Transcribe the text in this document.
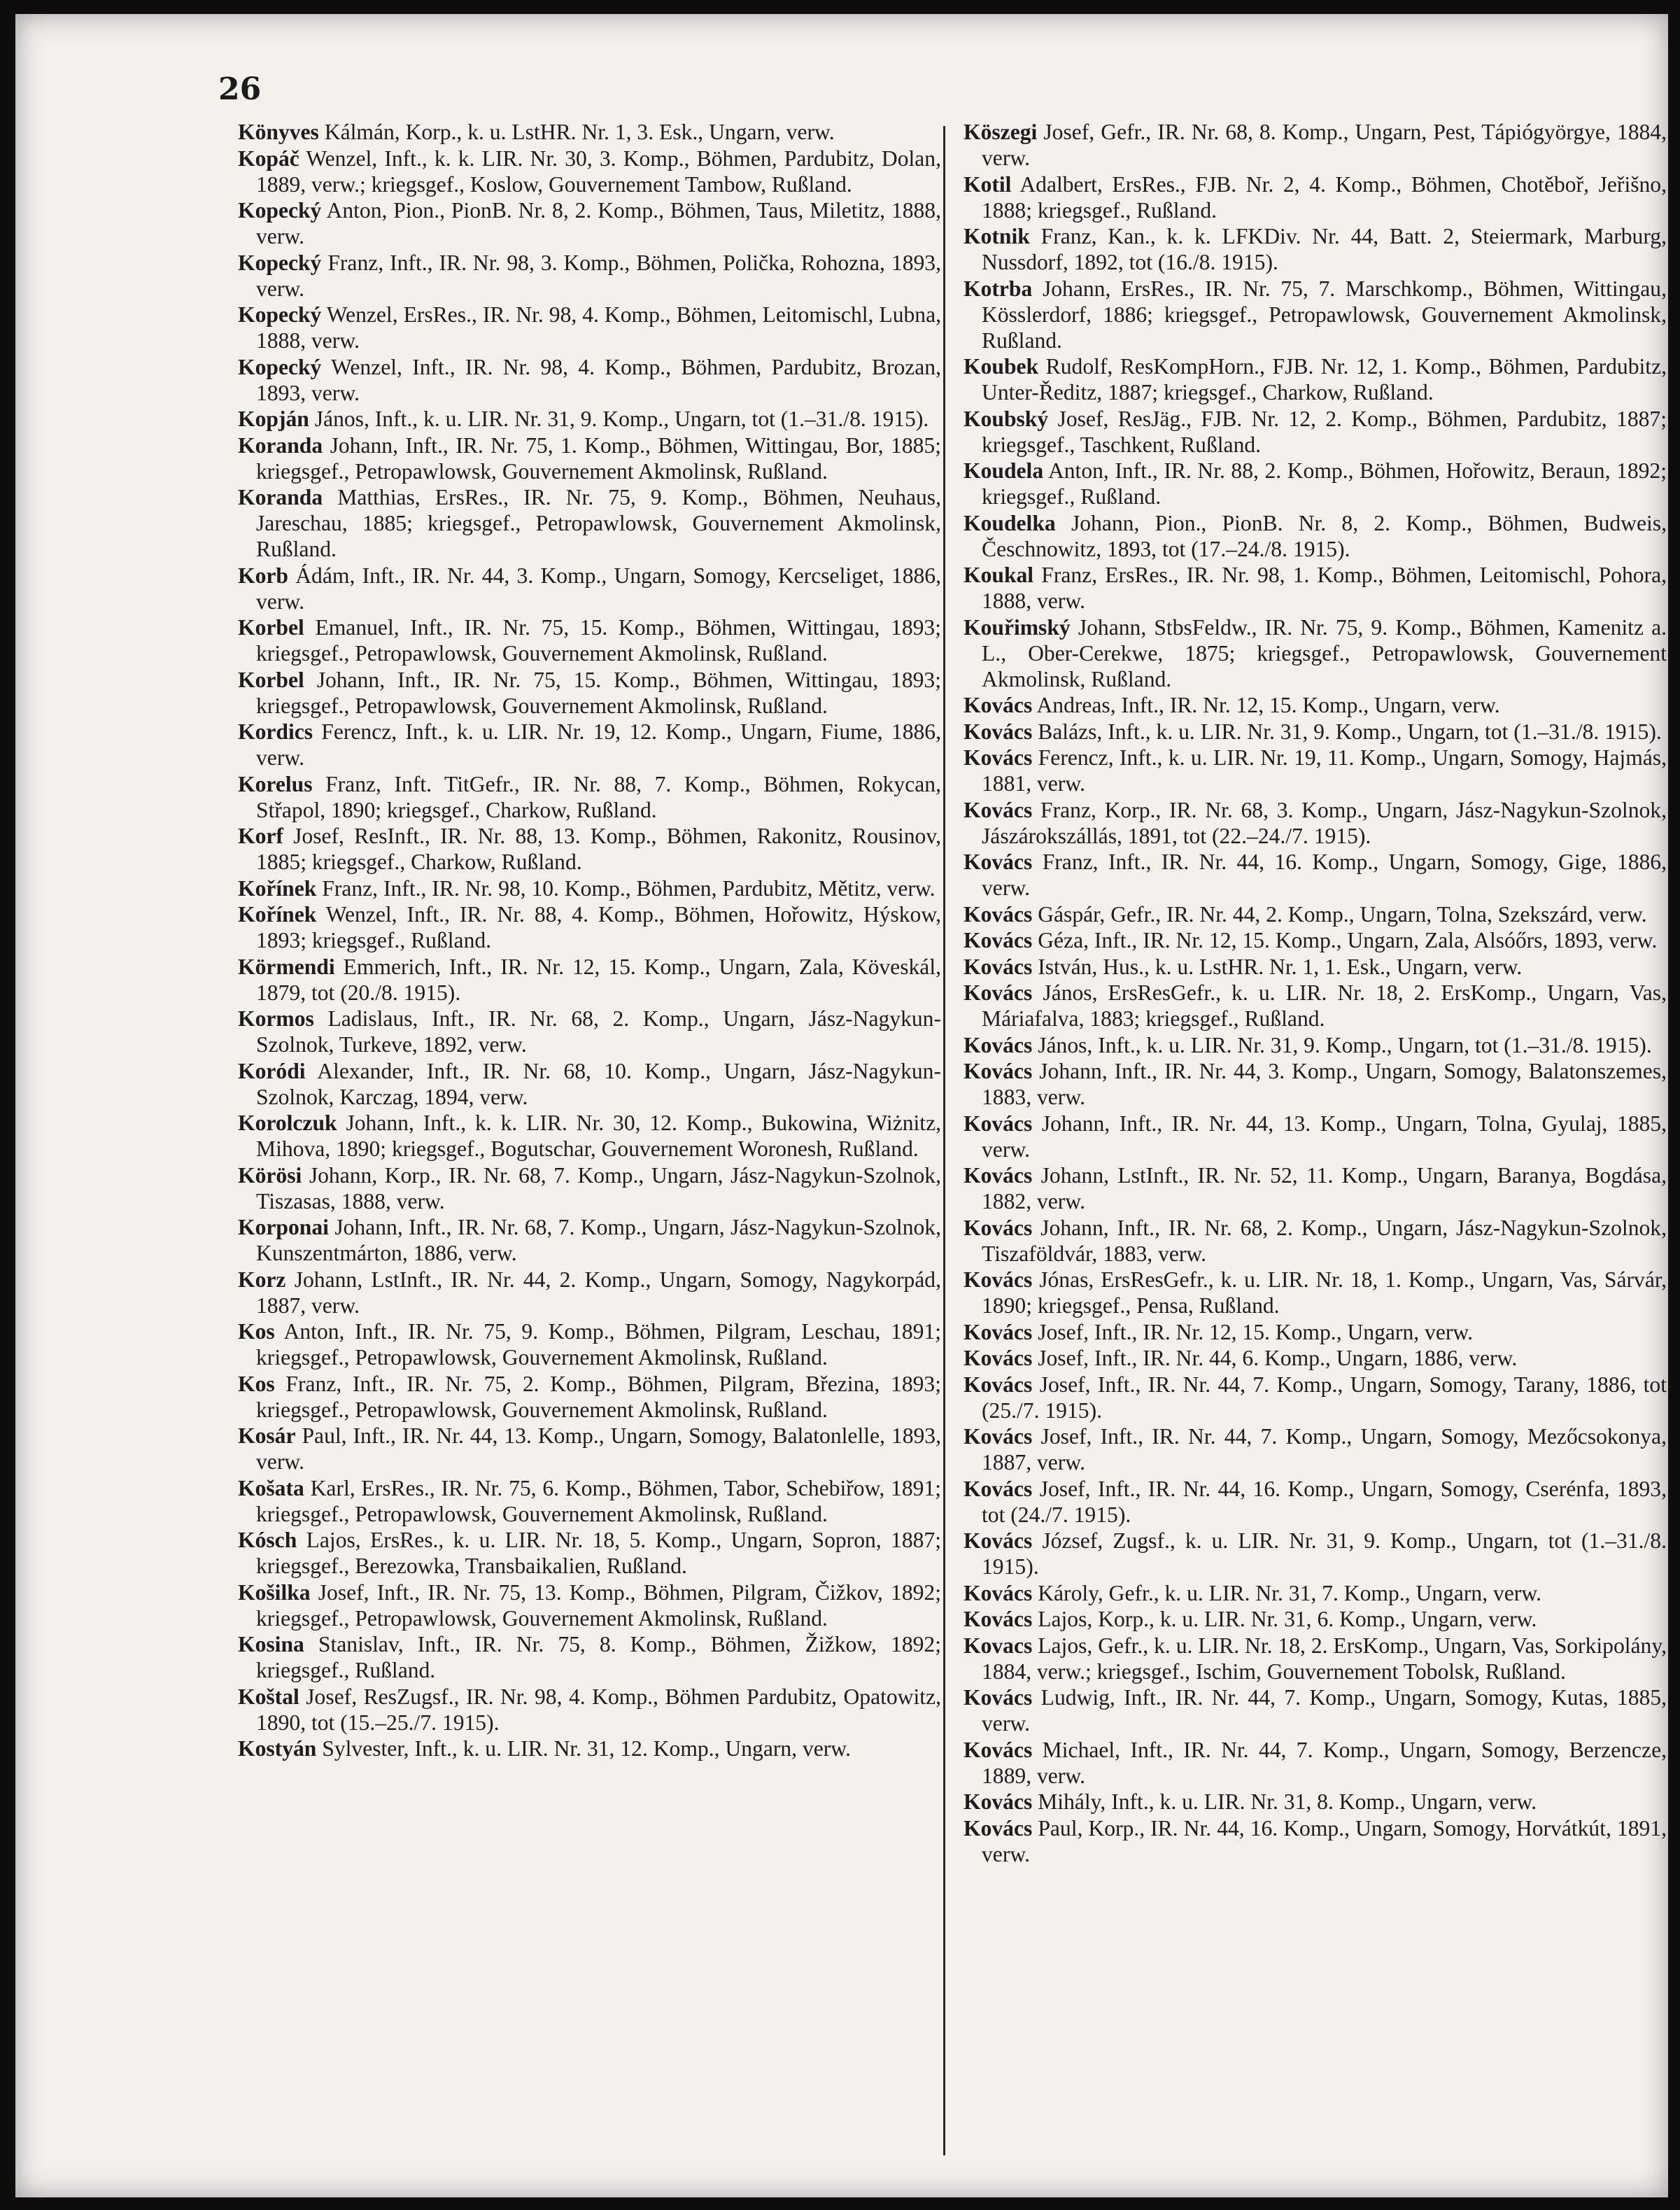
26

Könyves Kálmán, Korp., k. u. LstHR. Nr. 1, 3. Esk., Ungarn, verw.

Kopáč Wenzel, Inft., k. k. LIR. Nr. 30, 3. Komp., Böhmen, Pardubitz, Dolan, 1889, verw.; kriegsgef., Koslow, Gouvernement Tambow, Rußland.

Kopecký Anton, Pion., PionB. Nr. 8, 2. Komp., Böhmen, Taus, Miletitz, 1888, verw.

Kopecký Franz, Inft., IR. Nr. 98, 3. Komp., Böhmen, Polička, Rohozna, 1893, verw.

Kopecký Wenzel, ErsRes., IR. Nr. 98, 4. Komp., Böhmen, Leitomischl, Lubna, 1888, verw.

Kopecký Wenzel, Inft., IR. Nr. 98, 4. Komp., Böhmen, Pardubitz, Brozan, 1893, verw.

Kopján János, Inft., k. u. LIR. Nr. 31, 9. Komp., Ungarn, tot (1.–31./8. 1915).

Koranda Johann, Inft., IR. Nr. 75, 1. Komp., Böhmen, Wittingau, Bor, 1885; kriegsgef., Petropawlowsk, Gouvernement Akmolinsk, Rußland.

Koranda Matthias, ErsRes., IR. Nr. 75, 9. Komp., Böhmen, Neuhaus, Jareschau, 1885; kriegsgef., Petropawlowsk, Gouvernement Akmolinsk, Rußland.

Korb Ádám, Inft., IR. Nr. 44, 3. Komp., Ungarn, Somogy, Kercseliget, 1886, verw.

Korbel Emanuel, Inft., IR. Nr. 75, 15. Komp., Böhmen, Wittingau, 1893; kriegsgef., Petropawlowsk, Gouvernement Akmolinsk, Rußland.

Korbel Johann, Inft., IR. Nr. 75, 15. Komp., Böhmen, Wittingau, 1893; kriegsgef., Petropawlowsk, Gouvernement Akmolinsk, Rußland.

Kordics Ferencz, Inft., k. u. LIR. Nr. 19, 12. Komp., Ungarn, Fiume, 1886, verw.

Korelus Franz, Inft. TitGefr., IR. Nr. 88, 7. Komp., Böhmen, Rokycan, Střapol, 1890; kriegsgef., Charkow, Rußland.

Korf Josef, ResInft., IR. Nr. 88, 13. Komp., Böhmen, Rakonitz, Rousinov, 1885; kriegsgef., Charkow, Rußland.

Kořínek Franz, Inft., IR. Nr. 98, 10. Komp., Böhmen, Pardubitz, Mětitz, verw.

Kořínek Wenzel, Inft., IR. Nr. 88, 4. Komp., Böhmen, Hořowitz, Hýskow, 1893; kriegsgef., Rußland.

Körmendi Emmerich, Inft., IR. Nr. 12, 15. Komp., Ungarn, Zala, Köveskál, 1879, tot (20./8. 1915).

Kormos Ladislaus, Inft., IR. Nr. 68, 2. Komp., Ungarn, Jász-Nagykun-Szolnok, Turkeve, 1892, verw.

Koródi Alexander, Inft., IR. Nr. 68, 10. Komp., Ungarn, Jász-Nagykun-Szolnok, Karczag, 1894, verw.

Korolczuk Johann, Inft., k. k. LIR. Nr. 30, 12. Komp., Bukowina, Wiżnitz, Mihova, 1890; kriegsgef., Bogutschar, Gouvernement Woronesh, Rußland.

Körösi Johann, Korp., IR. Nr. 68, 7. Komp., Ungarn, Jász-Nagykun-Szolnok, Tiszasas, 1888, verw.

Korponai Johann, Inft., IR. Nr. 68, 7. Komp., Ungarn, Jász-Nagykun-Szolnok, Kunszentmárton, 1886, verw.

Korz Johann, LstInft., IR. Nr. 44, 2. Komp., Ungarn, Somogy, Nagykorpád, 1887, verw.

Kos Anton, Inft., IR. Nr. 75, 9. Komp., Böhmen, Pilgram, Leschau, 1891; kriegsgef., Petropawlowsk, Gouvernement Akmolinsk, Rußland.

Kos Franz, Inft., IR. Nr. 75, 2. Komp., Böhmen, Pilgram, Březina, 1893; kriegsgef., Petropawlowsk, Gouvernement Akmolinsk, Rußland.

Kosár Paul, Inft., IR. Nr. 44, 13. Komp., Ungarn, Somogy, Balatonlelle, 1893, verw.

Košata Karl, ErsRes., IR. Nr. 75, 6. Komp., Böhmen, Tabor, Schebiřow, 1891; kriegsgef., Petropawlowsk, Gouvernement Akmolinsk, Rußland.

Kósch Lajos, ErsRes., k. u. LIR. Nr. 18, 5. Komp., Ungarn, Sopron, 1887; kriegsgef., Berezowka, Transbaikalien, Rußland.

Košilka Josef, Inft., IR. Nr. 75, 13. Komp., Böhmen, Pilgram, Čižkov, 1892; kriegsgef., Petropawlowsk, Gouvernement Akmolinsk, Rußland.

Kosina Stanislav, Inft., IR. Nr. 75, 8. Komp., Böhmen, Žižkow, 1892; kriegsgef., Rußland.

Koštal Josef, ResZugsf., IR. Nr. 98, 4. Komp., Böhmen Pardubitz, Opatowitz, 1890, tot (15.–25./7. 1915).

Kostyán Sylvester, Inft., k. u. LIR. Nr. 31, 12. Komp., Ungarn, verw.

Köszegi Josef, Gefr., IR. Nr. 68, 8. Komp., Ungarn, Pest, Tápiógyörgye, 1884, verw.

Kotil Adalbert, ErsRes., FJB. Nr. 2, 4. Komp., Böhmen, Chotěboř, Jeřišno, 1888; kriegsgef., Rußland.

Kotnik Franz, Kan., k. k. LFKDiv. Nr. 44, Batt. 2, Steiermark, Marburg, Nussdorf, 1892, tot (16./8. 1915).

Kotrba Johann, ErsRes., IR. Nr. 75, 7. Marschkomp., Böhmen, Wittingau, Kösslerdorf, 1886; kriegsgef., Petropawlowsk, Gouvernement Akmolinsk, Rußland.

Koubek Rudolf, ResKompHorn., FJB. Nr. 12, 1. Komp., Böhmen, Pardubitz, Unter-Ředitz, 1887; kriegsgef., Charkow, Rußland.

Koubský Josef, ResJäg., FJB. Nr. 12, 2. Komp., Böhmen, Pardubitz, 1887; kriegsgef., Taschkent, Rußland.

Koudela Anton, Inft., IR. Nr. 88, 2. Komp., Böhmen, Hořowitz, Beraun, 1892; kriegsgef., Rußland.

Koudelka Johann, Pion., PionB. Nr. 8, 2. Komp., Böhmen, Budweis, Česchnowitz, 1893, tot (17.–24./8. 1915).

Koukal Franz, ErsRes., IR. Nr. 98, 1. Komp., Böhmen, Leitomischl, Pohora, 1888, verw.

Kouřimský Johann, StbsFeldw., IR. Nr. 75, 9. Komp., Böhmen, Kamenitz a. L., Ober-Cerekwe, 1875; kriegsgef., Petropawlowsk, Gouvernement Akmolinsk, Rußland.

Kovács Andreas, Inft., IR. Nr. 12, 15. Komp., Ungarn, verw.

Kovács Balázs, Inft., k. u. LIR. Nr. 31, 9. Komp., Ungarn, tot (1.–31./8. 1915).

Kovács Ferencz, Inft., k. u. LIR. Nr. 19, 11. Komp., Ungarn, Somogy, Hajmás, 1881, verw.

Kovács Franz, Korp., IR. Nr. 68, 3. Komp., Ungarn, Jász-Nagykun-Szolnok, Jászárokszállás, 1891, tot (22.–24./7. 1915).

Kovács Franz, Inft., IR. Nr. 44, 16. Komp., Ungarn, Somogy, Gige, 1886, verw.

Kovács Gáspár, Gefr., IR. Nr. 44, 2. Komp., Ungarn, Tolna, Szekszárd, verw.

Kovács Géza, Inft., IR. Nr. 12, 15. Komp., Ungarn, Zala, Alsóőrs, 1893, verw.

Kovács István, Hus., k. u. LstHR. Nr. 1, 1. Esk., Ungarn, verw.

Kovács János, ErsResGefr., k. u. LIR. Nr. 18, 2. ErsKomp., Ungarn, Vas, Máriafalva, 1883; kriegsgef., Rußland.

Kovács János, Inft., k. u. LIR. Nr. 31, 9. Komp., Ungarn, tot (1.–31./8. 1915).

Kovács Johann, Inft., IR. Nr. 44, 3. Komp., Ungarn, Somogy, Balatonszemes, 1883, verw.

Kovács Johann, Inft., IR. Nr. 44, 13. Komp., Ungarn, Tolna, Gyulaj, 1885, verw.

Kovács Johann, LstInft., IR. Nr. 52, 11. Komp., Ungarn, Baranya, Bogdása, 1882, verw.

Kovács Johann, Inft., IR. Nr. 68, 2. Komp., Ungarn, Jász-Nagykun-Szolnok, Tiszaföldvár, 1883, verw.

Kovács Jónas, ErsResGefr., k. u. LIR. Nr. 18, 1. Komp., Ungarn, Vas, Sárvár, 1890; kriegsgef., Pensa, Rußland.

Kovács Josef, Inft., IR. Nr. 12, 15. Komp., Ungarn, verw.

Kovács Josef, Inft., IR. Nr. 44, 6. Komp., Ungarn, 1886, verw.

Kovács Josef, Inft., IR. Nr. 44, 7. Komp., Ungarn, Somogy, Tarany, 1886, tot (25./7. 1915).

Kovács Josef, Inft., IR. Nr. 44, 7. Komp., Ungarn, Somogy, Mezőcsokonya, 1887, verw.

Kovács Josef, Inft., IR. Nr. 44, 16. Komp., Ungarn, Somogy, Cserénfa, 1893, tot (24./7. 1915).

Kovács József, Zugsf., k. u. LIR. Nr. 31, 9. Komp., Ungarn, tot (1.–31./8. 1915).

Kovács Károly, Gefr., k. u. LIR. Nr. 31, 7. Komp., Ungarn, verw.

Kovács Lajos, Korp., k. u. LIR. Nr. 31, 6. Komp., Ungarn, verw.

Kovacs Lajos, Gefr., k. u. LIR. Nr. 18, 2. ErsKomp., Ungarn, Vas, Sorkipolány, 1884, verw.; kriegsgef., Ischim, Gouvernement Tobolsk, Rußland.

Kovács Ludwig, Inft., IR. Nr. 44, 7. Komp., Ungarn, Somogy, Kutas, 1885, verw.

Kovács Michael, Inft., IR. Nr. 44, 7. Komp., Ungarn, Somogy, Berzencze, 1889, verw.

Kovács Mihály, Inft., k. u. LIR. Nr. 31, 8. Komp., Ungarn, verw.

Kovács Paul, Korp., IR. Nr. 44, 16. Komp., Ungarn, Somogy, Horvátkút, 1891, verw.
